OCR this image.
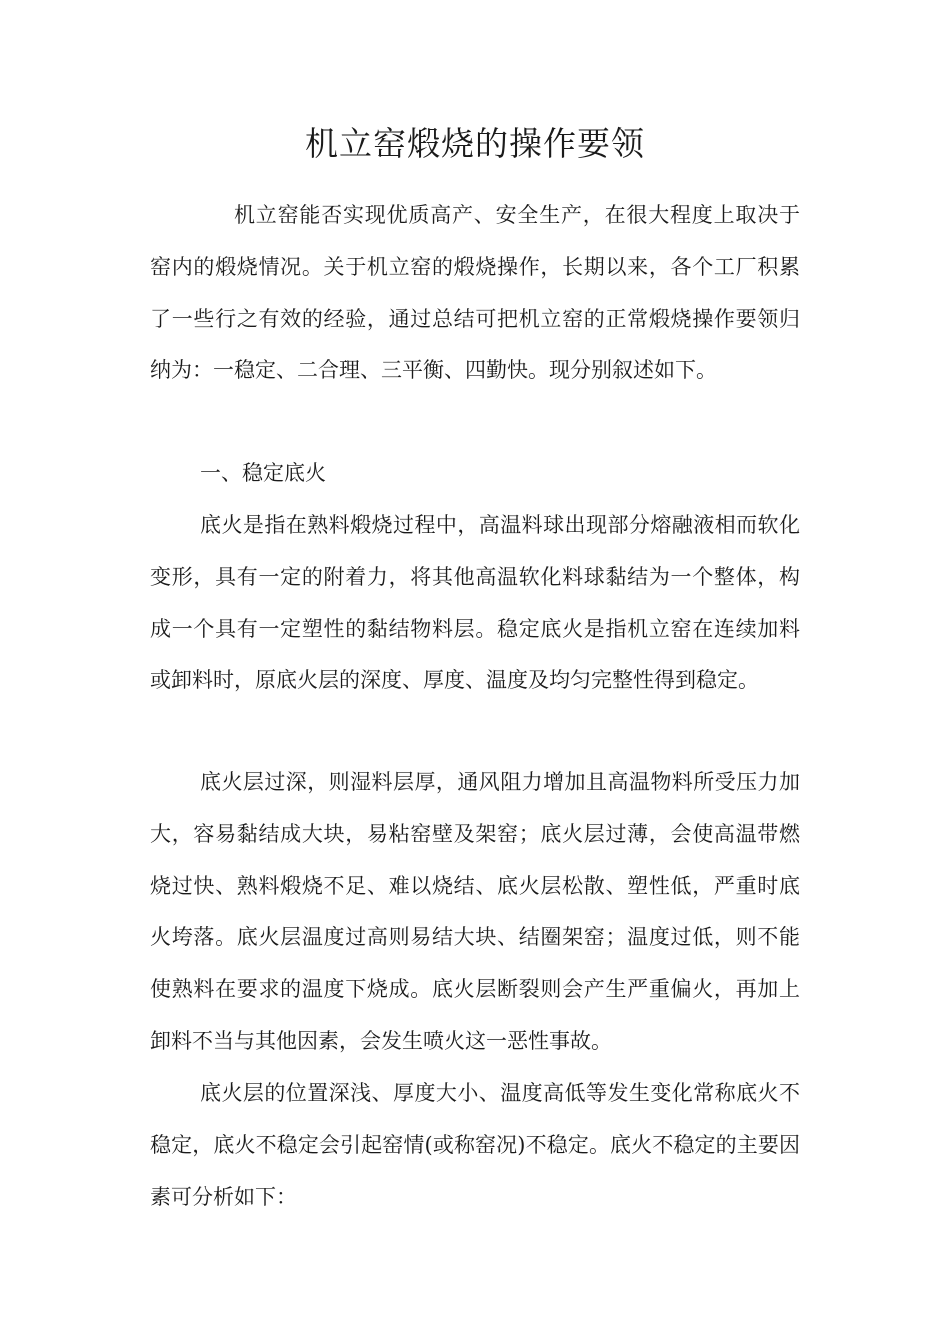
机立窑煅烧的操作要领

机立窑能否实现优质高产、安全生产，在很大程度上取决于窑内的煅烧情况。关于机立窑的煅烧操作，长期以来，各个工厂积累了一些行之有效的经验，通过总结可把机立窑的正常煅烧操作要领归纳为：一稳定、二合理、三平衡、四勤快。现分别叙述如下。

一、稳定底火

底火是指在熟料煅烧过程中，高温料球出现部分熔融液相而软化变形，具有一定的附着力，将其他高温软化料球黏结为一个整体，构成一个具有一定塑性的黏结物料层。稳定底火是指机立窑在连续加料或卸料时，原底火层的深度、厚度、温度及均匀完整性得到稳定。

底火层过深，则湿料层厚，通风阻力增加且高温物料所受压力加大，容易黏结成大块，易粘窑壁及架窑；底火层过薄，会使高温带燃烧过快、熟料煅烧不足、难以烧结、底火层松散、塑性低，严重时底火垮落。底火层温度过高则易结大块、结圈架窑；温度过低，则不能使熟料在要求的温度下烧成。底火层断裂则会产生严重偏火，再加上卸料不当与其他因素，会发生喷火这一恶性事故。

底火层的位置深浅、厚度大小、温度高低等发生变化常称底火不稳定，底火不稳定会引起窑情(或称窑况)不稳定。底火不稳定的主要因素可分析如下：
